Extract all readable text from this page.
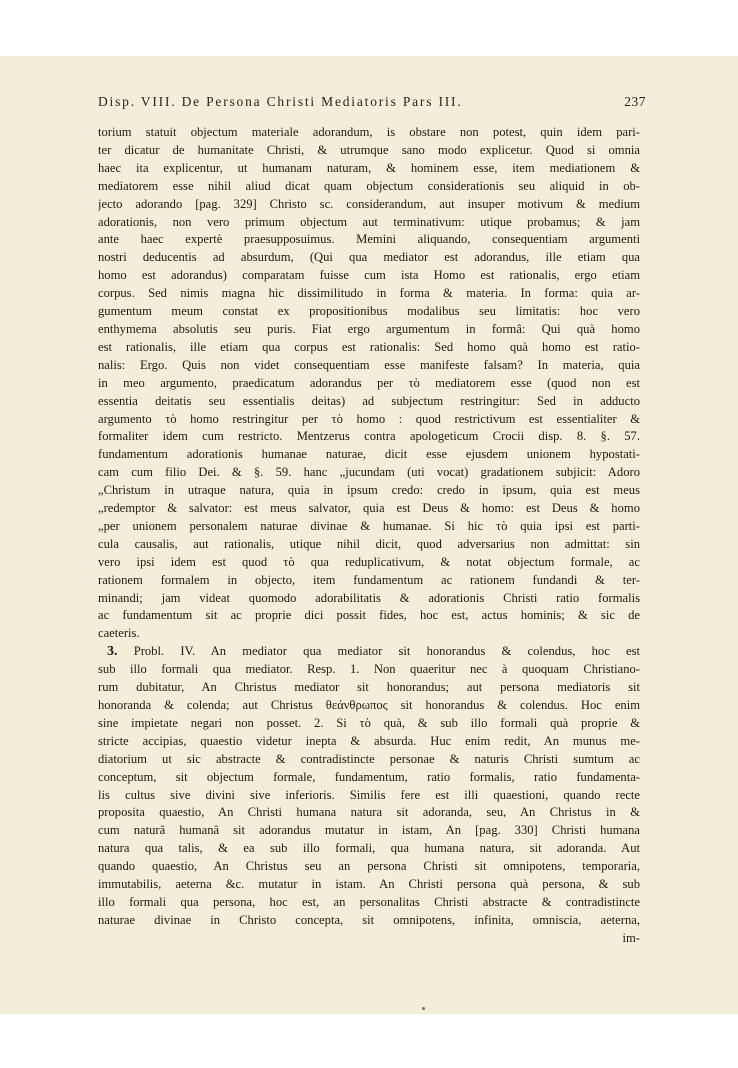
Disp. VIII. De Persona Christi Mediatoris Pars III.	237
torium statuit objectum materiale adorandum, is obstare non potest, quin idem pari-
ter dicatur de humanitate Christi, & utrumque sano modo explicetur. Quod si omnia
haec ita explicentur, ut humanam naturam, & hominem esse, item mediationem &
mediatorem esse nihil aliud dicat quam objectum considerationis seu aliquid in ob-
jecto adorando [pag. 329] Christo sc. considerandum, aut insuper motivum & medium
adorationis, non vero primum objectum aut terminativum: utique probamus; & jam
ante haec expertè praesupposuimus. Memini aliquando, consequentiam argumenti
nostri deducentis ad absurdum, (Qui qua mediator est adorandus, ille etiam qua
homo est adorandus) comparatam fuisse cum ista Homo est rationalis, ergo etiam
corpus. Sed nimis magna hic dissimilitudo in forma & materia. In forma: quia ar-
gumentum meum constat ex propositionibus modalibus seu limitatis: hoc vero
enthymema absolutis seu puris. Fiat ergo argumentum in formâ: Qui quà homo
est rationalis, ille etiam qua corpus est rationalis: Sed homo quà homo est ratio-
nalis: Ergo. Quis non videt consequentiam esse manifeste falsam? In materia, quia
in meo argumento, praedicatum adorandus per τὸ mediatorem esse (quod non est
essentia deitatis seu essentialis deitas) ad subjectum restringitur: Sed in adducto
argumento τὸ homo restringitur per τὸ homo : quod restrictivum est essentialiter &
formaliter idem cum restricto. Mentzerus contra apologeticum Crocii disp. 8. §. 57.
fundamentum adorationis humanae naturae, dicit esse ejusdem unionem hypostati-
cam cum filio Dei. & §. 59. hanc „jucundam (uti vocat) gradationem subjicit: Adoro
„Christum in utraque natura, quia in ipsum credo: credo in ipsum, quia est meus
„redemptor & salvator: est meus salvator, quia est Deus & homo: est Deus & homo
„per unionem personalem naturae divinae & humanae. Si hic τὸ quia ipsi est parti-
cula causalis, aut rationalis, utique nihil dicit, quod adversarius non admittat: sin
vero ipsi idem est quod τὸ qua reduplicativum, & notat objectum formale, ac
rationem formalem in objecto, item fundamentum ac rationem fundandi & ter-
minandi; jam videat quomodo adorabilitatis & adorationis Christi ratio formalis
ac fundamentum sit ac proprie dici possit fides, hoc est, actus hominis; & sic de
caeteris.
3. Probl. IV. An mediator qua mediator sit honorandus & colendus, hoc est
sub illo formali qua mediator. Resp. 1. Non quaeritur nec à quoquam Christiano-
rum dubitatur, An Christus mediator sit honorandus; aut persona mediatoris sit
honoranda & colenda; aut Christus θεάνθρωπος sit honorandus & colendus. Hoc enim
sine impietate negari non posset. 2. Si τὸ quà, & sub illo formali quà proprie &
stricte accipias, quaestio videtur inepta & absurda. Huc enim redit, An munus me-
diatorium ut sic abstracte & contradistincte personae & naturis Christi sumtum ac
conceptum, sit objectum formale, fundamentum, ratio formalis, ratio fundamenta-
lis cultus sive divini sive inferioris. Similis fere est illi quaestioni, quando recte
proposita quaestio, An Christi humana natura sit adoranda, seu, An Christus in &
cum naturâ humanâ sit adorandus mutatur in istam, An [pag. 330] Christi humana
natura qua talis, & ea sub illo formali, qua humana natura, sit adoranda. Aut
quando quaestio, An Christus seu an persona Christi sit omnipotens, temporaria,
immutabilis, aeterna &c. mutatur in istam. An Christi persona quà persona, & sub
illo formali qua persona, hoc est, an personalitas Christi abstracte & contradistincte
naturae divinae in Christo concepta, sit omnipotens, infinita, omniscia, aeterna,
im-
